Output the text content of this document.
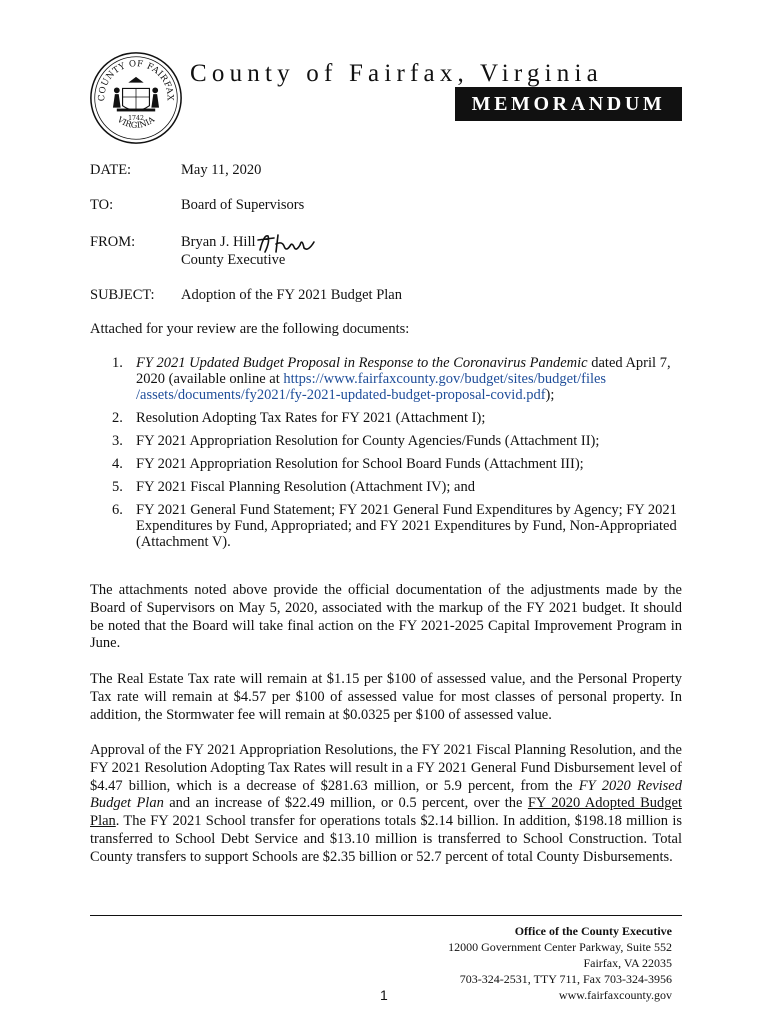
COUNTY OF FAIRFAX
VIRGINIA
1742
County of Fairfax, Virginia
MEMORANDUM
DATE:	May 11, 2020
TO:	Board of Supervisors
FROM:	Bryan J. Hill
County Executive
SUBJECT: Adoption of the FY 2021 Budget Plan
Attached for your review are the following documents:
1. FY 2021 Updated Budget Proposal in Response to the Coronavirus Pandemic dated April 7, 2020 (available online at https://www.fairfaxcounty.gov/budget/sites/budget/files /assets/documents/fy2021/fy-2021-updated-budget-proposal-covid.pdf);
2. Resolution Adopting Tax Rates for FY 2021 (Attachment I);
3. FY 2021 Appropriation Resolution for County Agencies/Funds (Attachment II);
4. FY 2021 Appropriation Resolution for School Board Funds (Attachment III);
5. FY 2021 Fiscal Planning Resolution (Attachment IV); and
6. FY 2021 General Fund Statement; FY 2021 General Fund Expenditures by Agency; FY 2021 Expenditures by Fund, Appropriated; and FY 2021 Expenditures by Fund, Non-Appropriated (Attachment V).

The attachments noted above provide the official documentation of the adjustments made by the Board of Supervisors on May 5, 2020, associated with the markup of the FY 2021 budget. It should be noted that the Board will take final action on the FY 2021-2025 Capital Improvement Program in June.

The Real Estate Tax rate will remain at $1.15 per $100 of assessed value, and the Personal Property Tax rate will remain at $4.57 per $100 of assessed value for most classes of personal property. In addition, the Stormwater fee will remain at $0.0325 per $100 of assessed value.

Approval of the FY 2021 Appropriation Resolutions, the FY 2021 Fiscal Planning Resolution, and the FY 2021 Resolution Adopting Tax Rates will result in a FY 2021 General Fund Disbursement level of $4.47 billion, which is a decrease of $281.63 million, or 5.9 percent, from the FY 2020 Revised Budget Plan and an increase of $22.49 million, or 0.5 percent, over the FY 2020 Adopted Budget Plan. The FY 2021 School transfer for operations totals $2.14 billion. In addition, $198.18 million is transferred to School Debt Service and $13.10 million is transferred to School Construction. Total County transfers to support Schools are $2.35 billion or 52.7 percent of total County Disbursements.

Office of the County Executive
12000 Government Center Parkway, Suite 552
Fairfax, VA 22035
703-324-2531, TTY 711, Fax 703-324-3956
www.fairfaxcounty.gov
1
